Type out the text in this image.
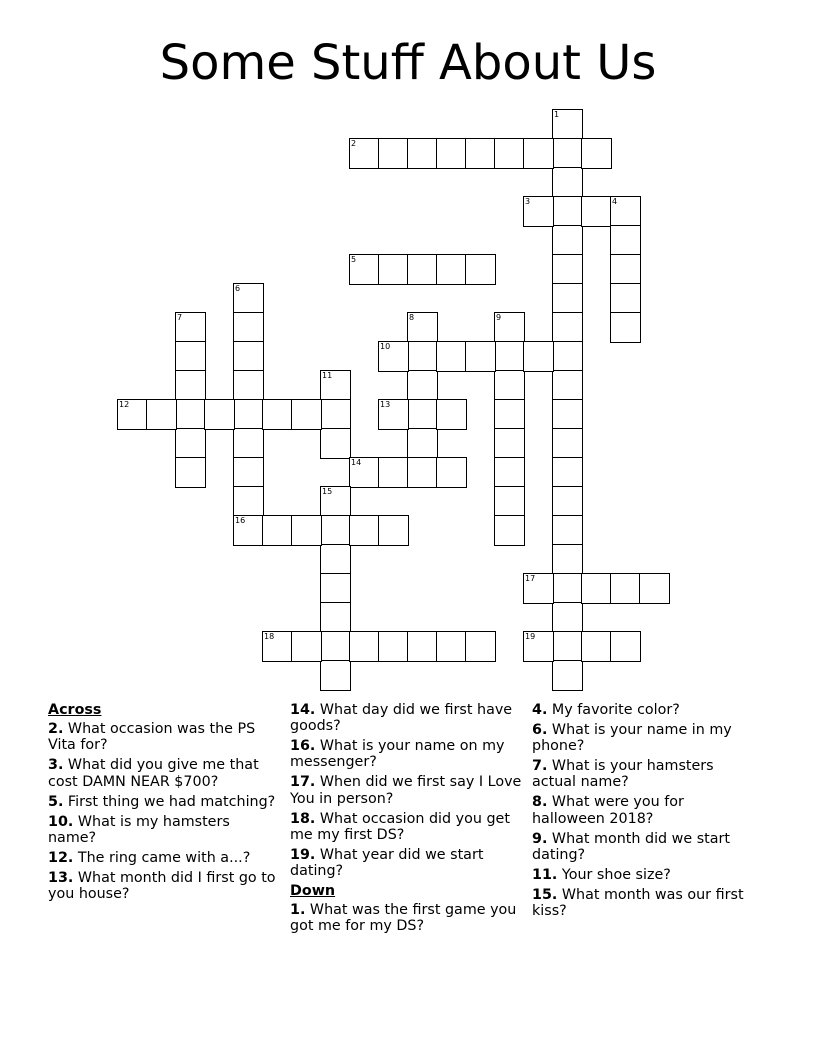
Some Stuff About Us
1
2
3	4
5
6
16
7	8	9
10
11
12	13
14
15
17
18	19
Across
2. What occasion was the PS Vita for?
3. What did you give me that cost DAMN NEAR $700?
5. First thing we had matching?
10. What is my hamsters name?
12. The ring came with a...?
13. What month did I first go to you house?
14. What day did we first have goods?
16. What is your name on my messenger?
17. When did we first say I Love You in person?
18. What occasion did you get me my first DS?
19. What year did we start dating?
Down
1. What was the first game you got me for my DS?
4. My favorite color?
6. What is your name in my phone?
7. What is your hamsters actual name?
8. What were you for halloween 2018?
9. What month did we start dating?
11. Your shoe size?
15. What month was our first kiss?
